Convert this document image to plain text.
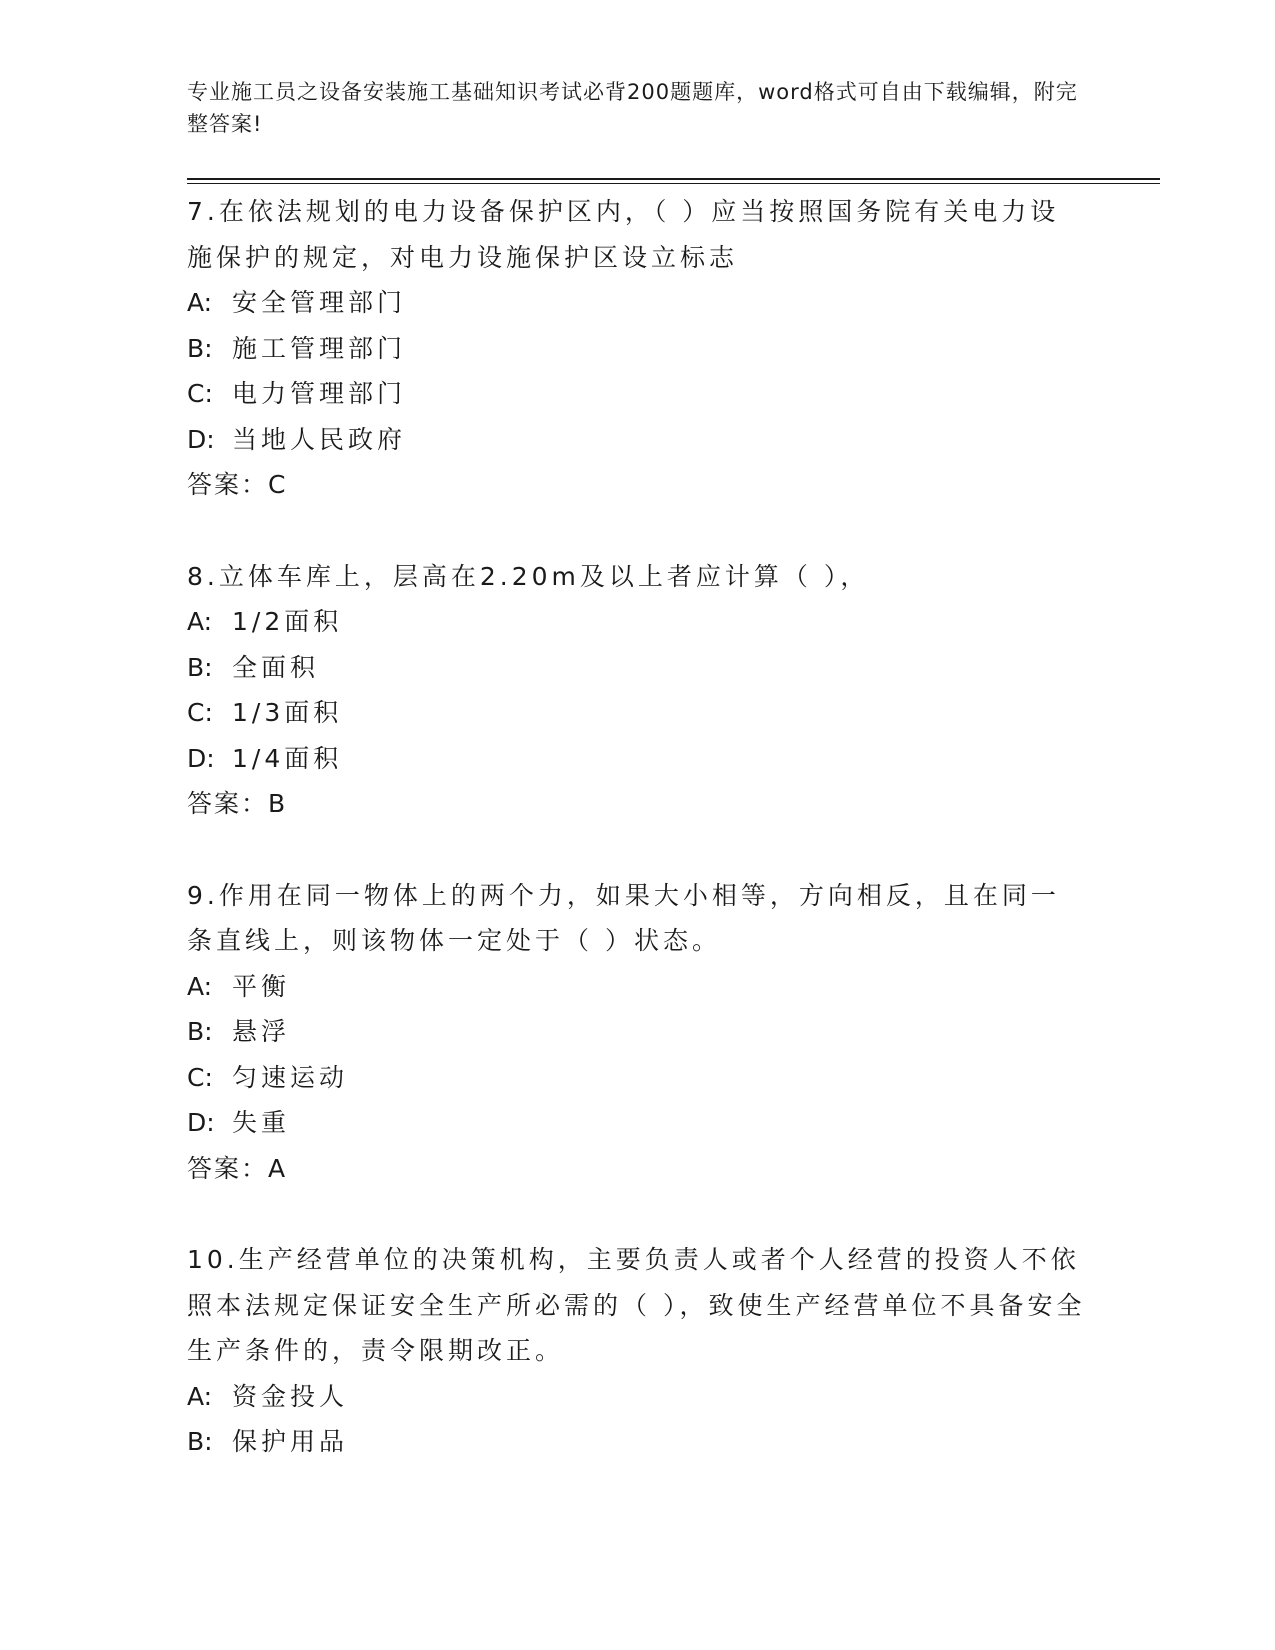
专业施工员之设备安装施工基础知识考试必背200题题库，word格式可自由下载编辑，附完整答案!
7.在依法规划的电力设备保护区内，（ ）应当按照国务院有关电力设施保护的规定，对电力设施保护区设立标志
A: 安全管理部门
B: 施工管理部门
C: 电力管理部门
D: 当地人民政府
答案：C
8.立体车库上，层高在2.20m及以上者应计算（ ），
A: 1/2面积
B: 全面积
C: 1/3面积
D: 1/4面积
答案：B
9.作用在同一物体上的两个力，如果大小相等，方向相反，且在同一条直线上，则该物体一定处于（ ）状态。
A: 平衡
B: 悬浮
C: 匀速运动
D: 失重
答案：A
10.生产经营单位的决策机构，主要负责人或者个人经营的投资人不依照本法规定保证安全生产所必需的（ ），致使生产经营单位不具备安全生产条件的，责令限期改正。
A: 资金投人
B: 保护用品
